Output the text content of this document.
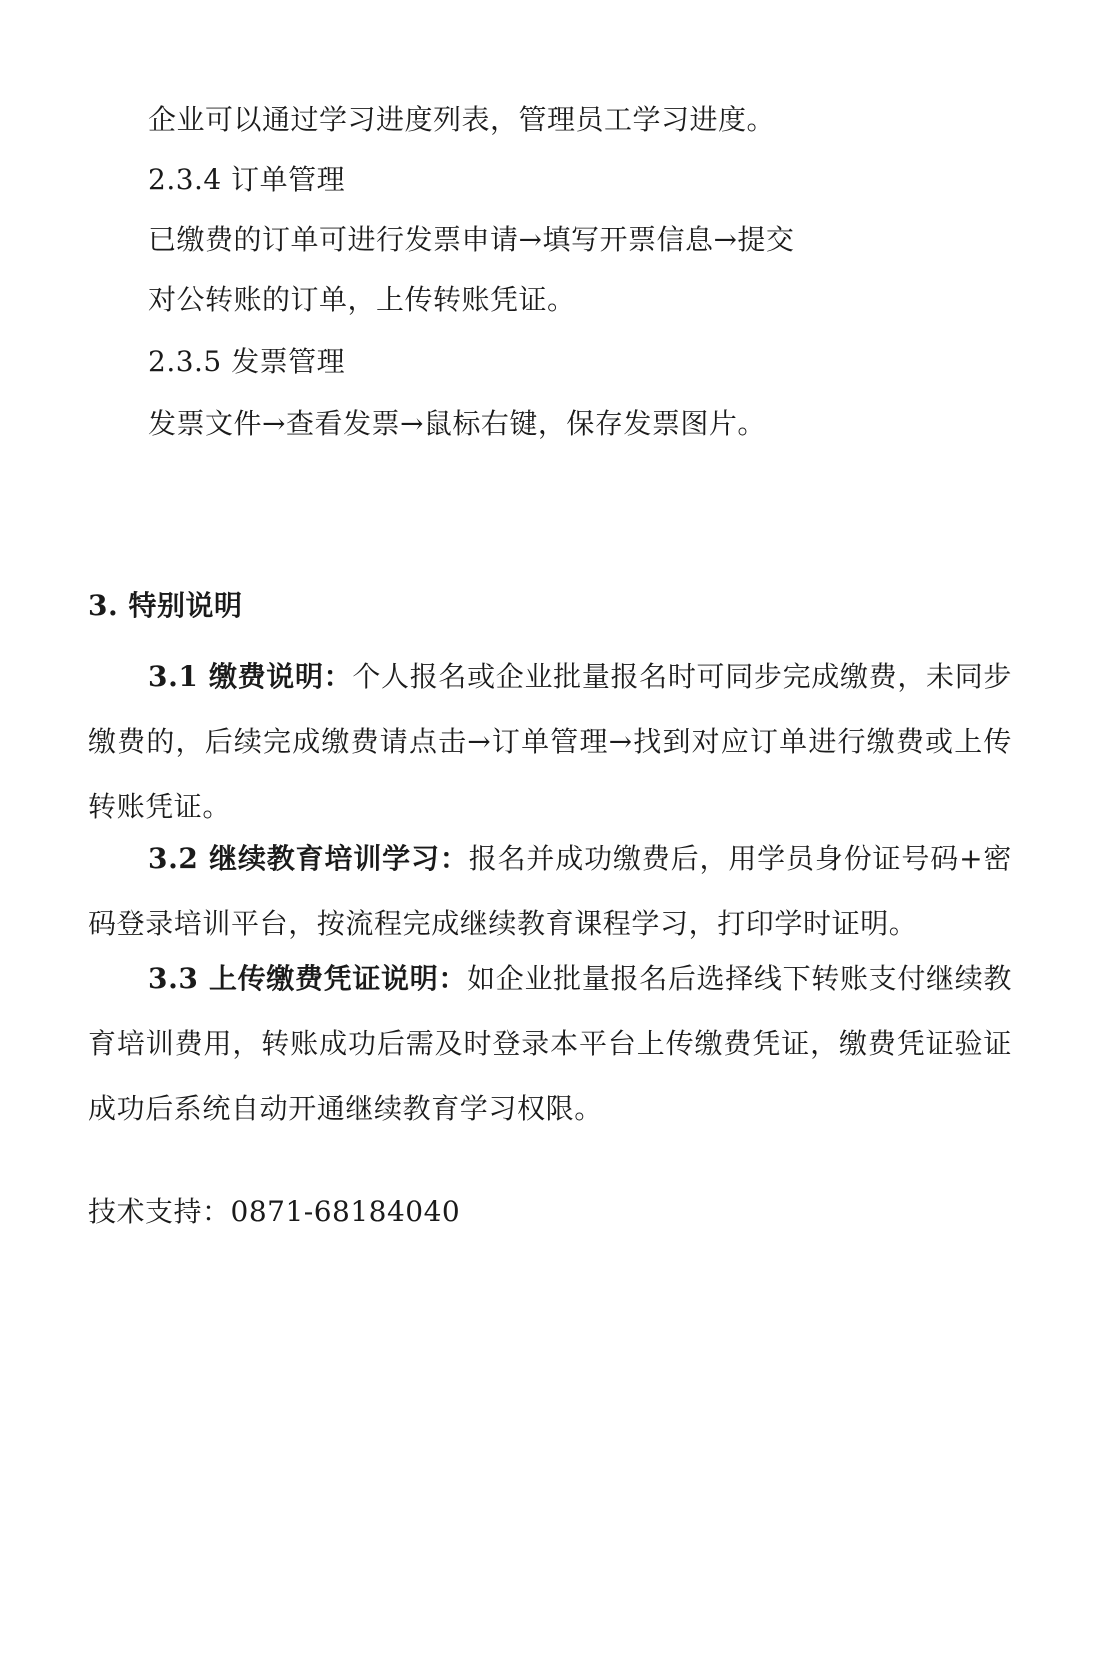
企业可以通过学习进度列表，管理员工学习进度。
2.3.4 订单管理
已缴费的订单可进行发票申请→填写开票信息→提交
对公转账的订单，上传转账凭证。
2.3.5 发票管理
发票文件→查看发票→鼠标右键，保存发票图片。
3. 特别说明

3.1 缴费说明：个人报名或企业批量报名时可同步完成缴费，未同步缴费的，后续完成缴费请点击→订单管理→找到对应订单进行缴费或上传转账凭证。

3.2 继续教育培训学习：报名并成功缴费后，用学员身份证号码+密码登录培训平台，按流程完成继续教育课程学习，打印学时证明。

3.3 上传缴费凭证说明：如企业批量报名后选择线下转账支付继续教育培训费用，转账成功后需及时登录本平台上传缴费凭证，缴费凭证验证成功后系统自动开通继续教育学习权限。

技术支持：0871-68184040
